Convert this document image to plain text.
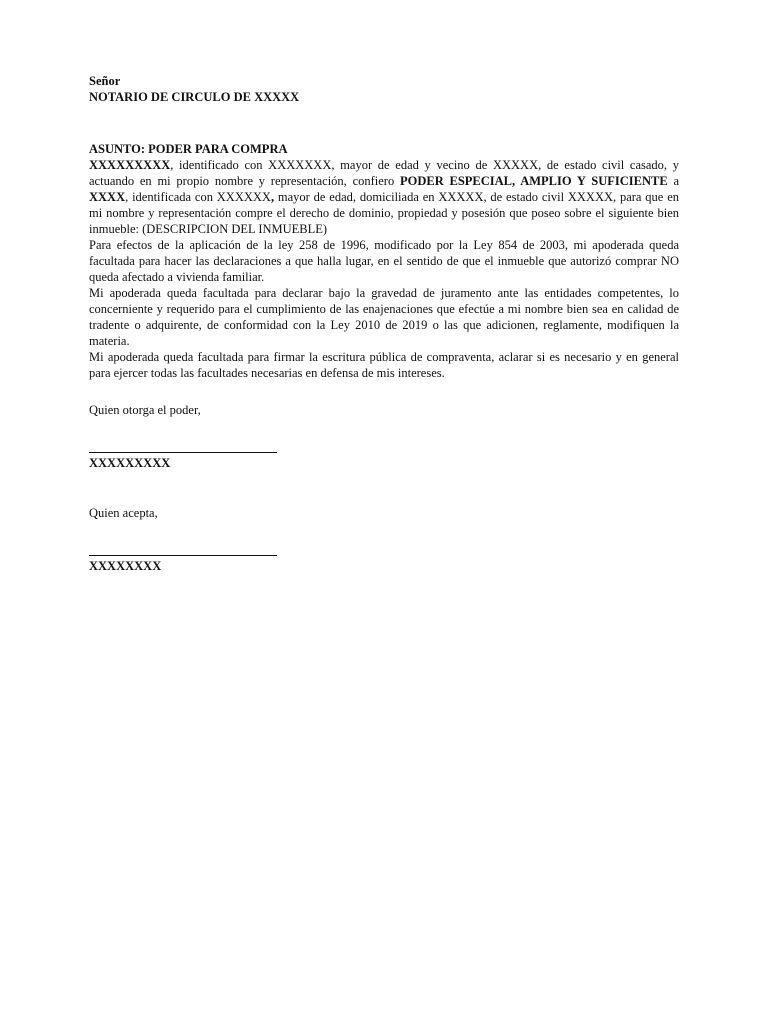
Señor
NOTARIO DE CIRCULO DE XXXXX
ASUNTO: PODER PARA COMPRA

XXXXXXXXX, identificado con XXXXXXX, mayor de edad y vecino de XXXXX, de estado civil casado, y actuando en mi propio nombre y representación, confiero PODER ESPECIAL, AMPLIO Y SUFICIENTE a XXXX, identificada con XXXXXX, mayor de edad, domiciliada en XXXXX, de estado civil XXXXX, para que en mi nombre y representación compre el derecho de dominio, propiedad y posesión que poseo sobre el siguiente bien inmueble: (DESCRIPCION DEL INMUEBLE)

Para efectos de la aplicación de la ley 258 de 1996, modificado por la Ley 854 de 2003, mi apoderada queda facultada para hacer las declaraciones a que halla lugar, en el sentido de que el inmueble que autorizó comprar NO queda afectado a vivienda familiar.

Mi apoderada queda facultada para declarar bajo la gravedad de juramento ante las entidades competentes, lo concerniente y requerido para el cumplimiento de las enajenaciones que efectúe a mi nombre bien sea en calidad de tradente o adquirente, de conformidad con la Ley 2010 de 2019 o las que adicionen, reglamente, modifiquen la materia.

Mi apoderada queda facultada para firmar la escritura pública de compraventa, aclarar si es necesario y en general para ejercer todas las facultades necesarias en defensa de mis intereses.

Quien otorga el poder,
XXXXXXXXX
Quien acepta,
XXXXXXXX
